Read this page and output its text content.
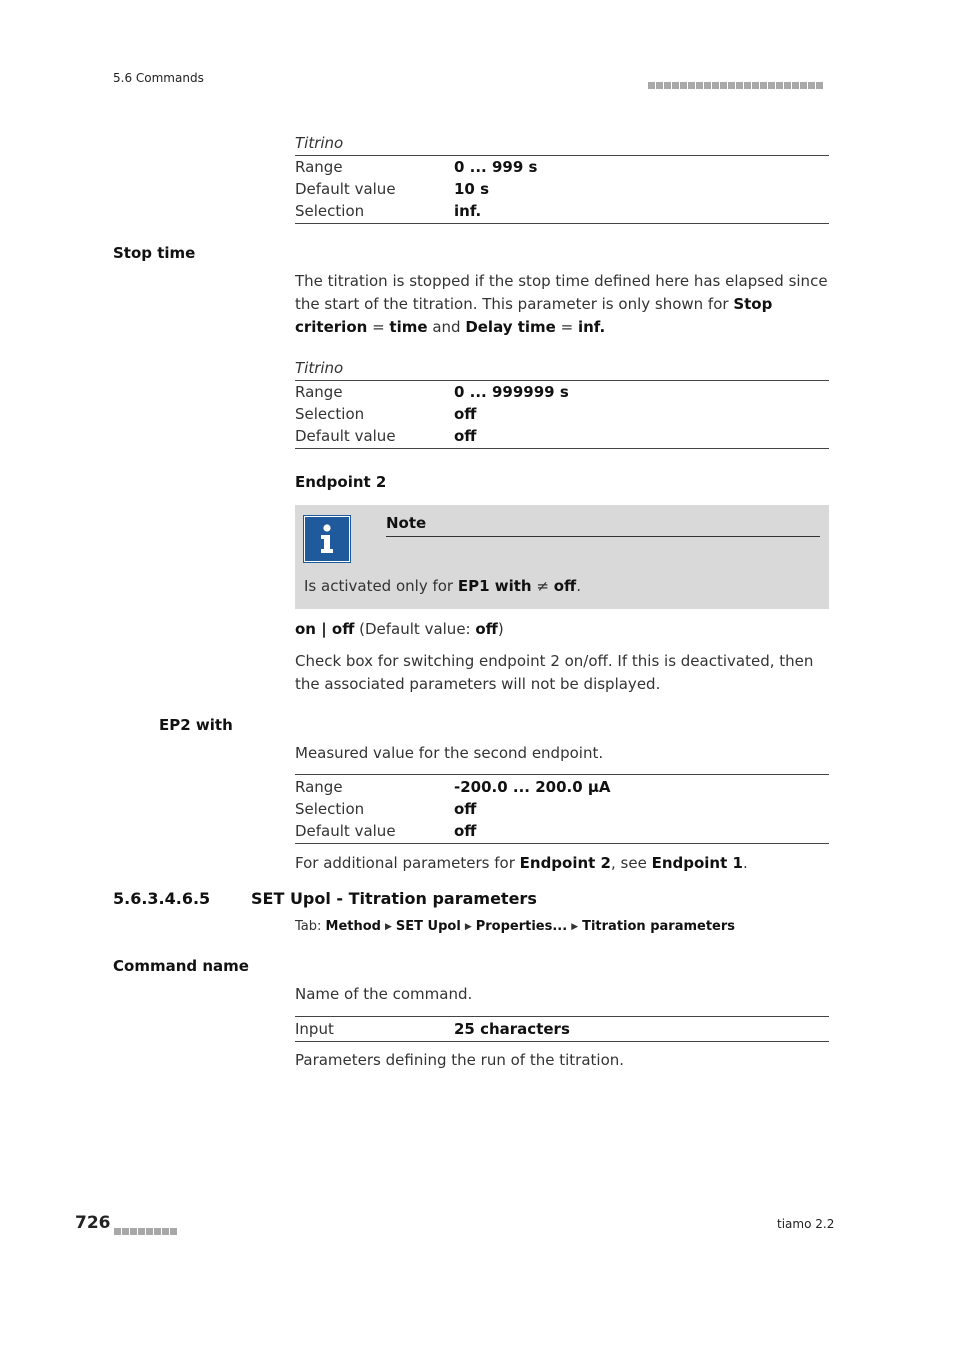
5.6 Commands
Titrino
Range	0 ... 999 s
Default value	10 s
Selection	inf.
Stop time
The titration is stopped if the stop time defined here has elapsed since the start of the titration. This parameter is only shown for Stop criterion = time and Delay time = inf.
Titrino
Range	0 ... 999999 s
Selection	off
Default value	off
Endpoint 2
Note
Is activated only for EP1 with ≠ off.
on | off (Default value: off)
Check box for switching endpoint 2 on/off. If this is deactivated, then the associated parameters will not be displayed.
EP2 with
Measured value for the second endpoint.
Range	-200.0 ... 200.0 µA
Selection	off
Default value	off
For additional parameters for Endpoint 2, see Endpoint 1.
5.6.3.4.6.5	SET Upol - Titration parameters
Tab: Method ▶ SET Upol ▶ Properties... ▶ Titration parameters
Command name
Name of the command.
Input	25 characters
Parameters defining the run of the titration.
726	tiamo 2.2
